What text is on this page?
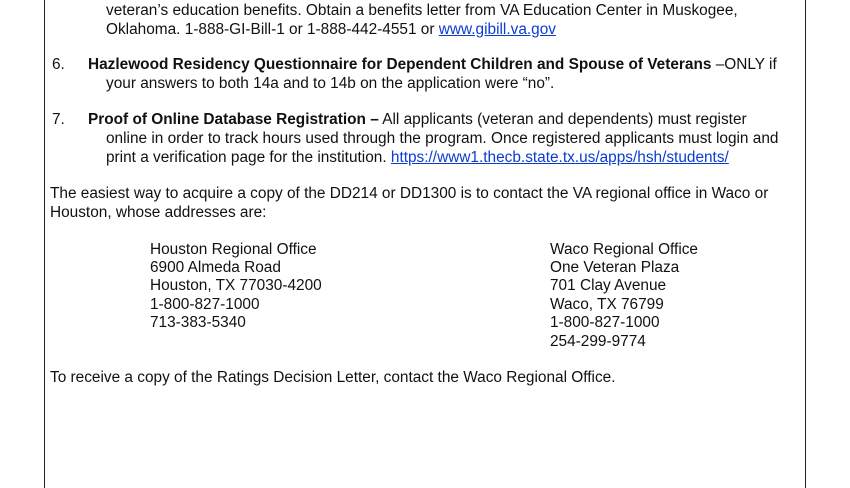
veteran’s education benefits. Obtain a benefits letter from VA Education Center in Muskogee,
Oklahoma. 1-888-GI-Bill-1 or 1-888-442-4551 or www.gibill.va.gov
6. Hazlewood Residency Questionnaire for Dependent Children and Spouse of Veterans –ONLY if
your answers to both 14a and to 14b on the application were “no”.
7. Proof of Online Database Registration – All applicants (veteran and dependents) must register
online in order to track hours used through the program. Once registered applicants must login and
print a verification page for the institution. https://www1.thecb.state.tx.us/apps/hsh/students/
The easiest way to acquire a copy of the DD214 or DD1300 is to contact the VA regional office in Waco or
Houston, whose addresses are:
Houston Regional Office
6900 Almeda Road
Houston, TX 77030-4200
1-800-827-1000
713-383-5340
Waco Regional Office
One Veteran Plaza
701 Clay Avenue
Waco, TX 76799
1-800-827-1000
254-299-9774
To receive a copy of the Ratings Decision Letter, contact the Waco Regional Office.
